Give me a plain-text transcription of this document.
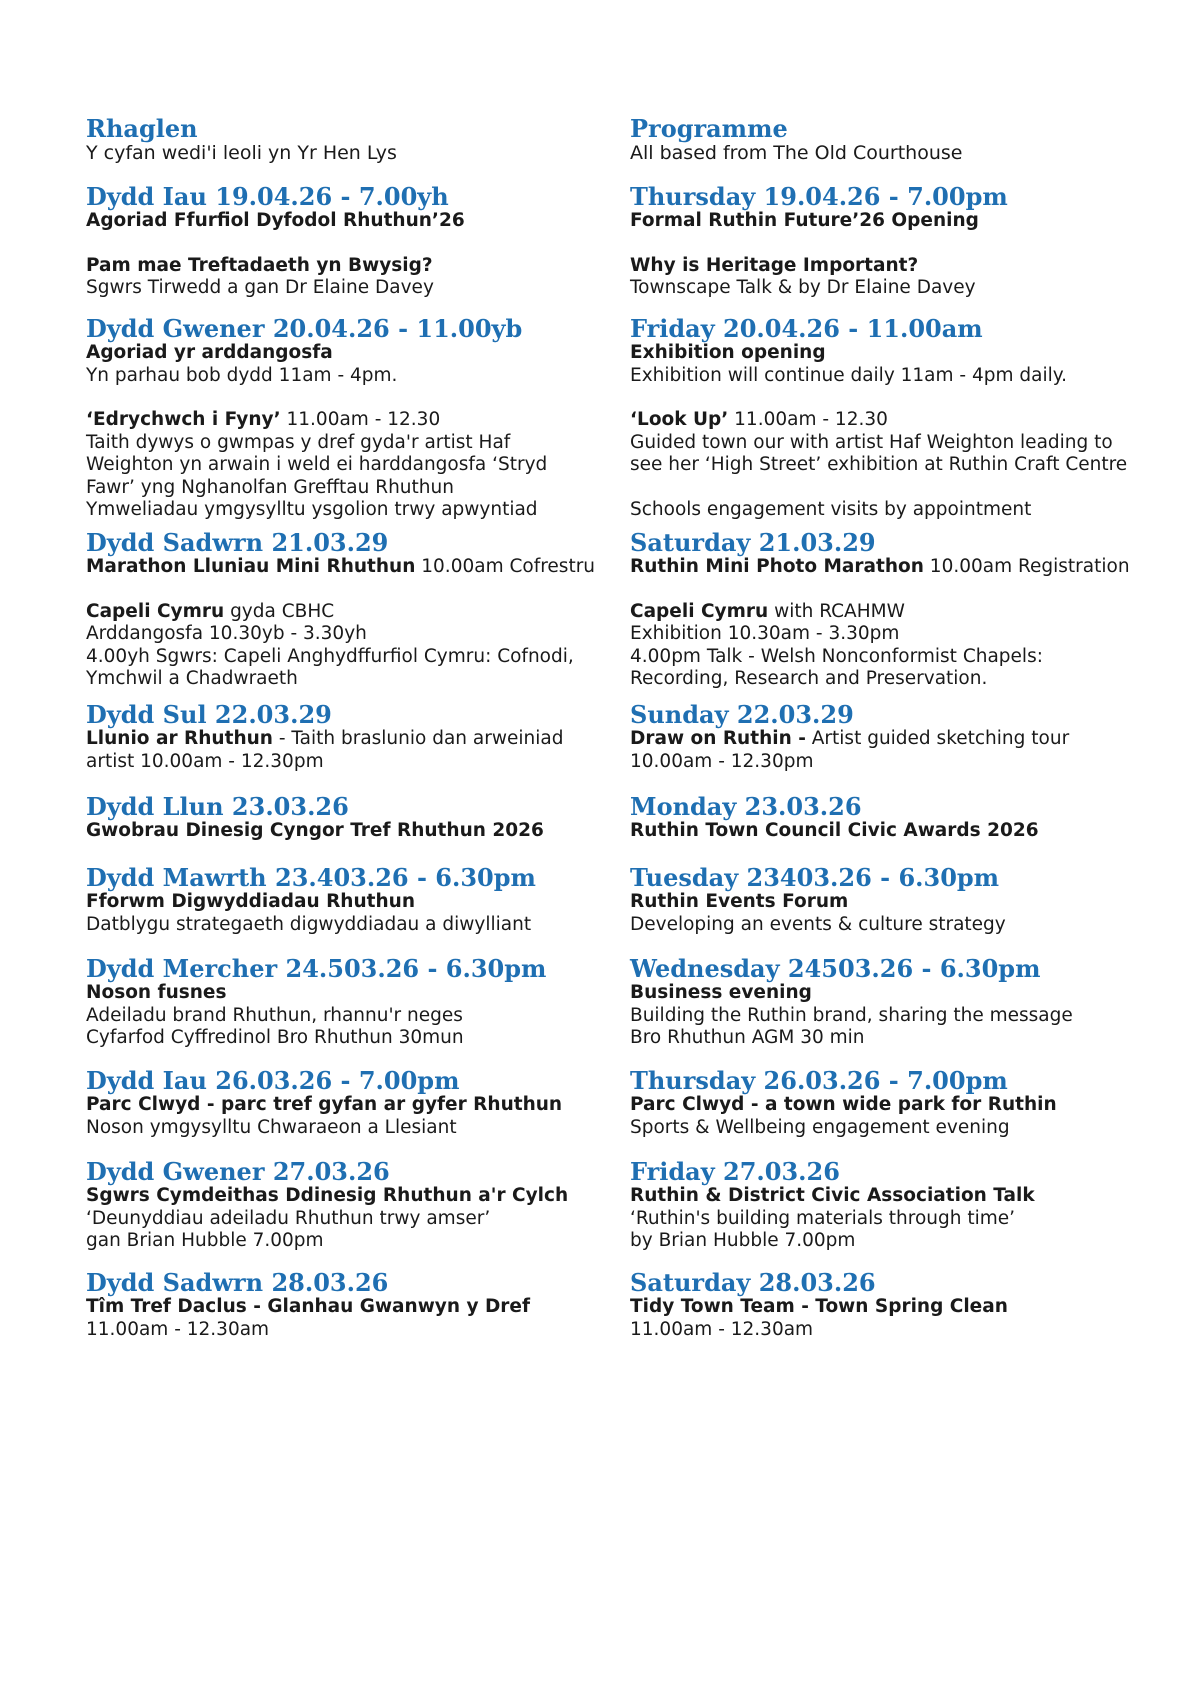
Rhaglen

Y cyfan wedi'i leoli yn Yr Hen Lys

Dydd Iau 19.04.26 - 7.00yh
Agoriad Ffurfiol Dyfodol Rhuthun’26
Pam mae Treftadaeth yn Bwysig?
Sgwrs Tirwedd a gan Dr Elaine Davey
Dydd Gwener 20.04.26 - 11.00yb
Agoriad yr arddangosfa
Yn parhau bob dydd 11am - 4pm.
‘Edrychwch i Fyny’ 11.00am - 12.30
Taith dywys o gwmpas y dref gyda'r artist Haf
Weighton yn arwain i weld ei harddangosfa ‘Stryd
Fawr’ yng Nghanolfan Grefftau Rhuthun
Ymweliadau ymgysylltu ysgolion trwy apwyntiad
Dydd Sadwrn 21.03.29
Marathon Lluniau Mini Rhuthun 10.00am Cofrestru
Capeli Cymru gyda CBHC
Arddangosfa 10.30yb - 3.30yh
4.00yh Sgwrs: Capeli Anghydffurfiol Cymru: Cofnodi,
Ymchwil a Chadwraeth
Dydd Sul 22.03.29
Llunio ar Rhuthun - Taith braslunio dan arweiniad
artist 10.00am - 12.30pm
Dydd Llun 23.03.26
Gwobrau Dinesig Cyngor Tref Rhuthun 2026
Dydd Mawrth 23.403.26 - 6.30pm
Fforwm Digwyddiadau Rhuthun
Datblygu strategaeth digwyddiadau a diwylliant
Dydd Mercher 24.503.26 - 6.30pm
Noson fusnes
Adeiladu brand Rhuthun, rhannu'r neges
Cyfarfod Cyffredinol Bro Rhuthun 30mun
Dydd Iau 26.03.26 - 7.00pm
Parc Clwyd - parc tref gyfan ar gyfer Rhuthun
Noson ymgysylltu Chwaraeon a Llesiant
Dydd Gwener 27.03.26
Sgwrs Cymdeithas Ddinesig Rhuthun a'r Cylch
‘Deunyddiau adeiladu Rhuthun trwy amser’
gan Brian Hubble 7.00pm
Dydd Sadwrn 28.03.26
Tîm Tref Daclus - Glanhau Gwanwyn y Dref
11.00am - 12.30am
Programme

All based from The Old Courthouse

Thursday 19.04.26 - 7.00pm
Formal Ruthin Future’26 Opening
Why is Heritage Important?
Townscape Talk & by Dr Elaine Davey
Friday 20.04.26 - 11.00am
Exhibition opening
Exhibition will continue daily 11am - 4pm daily.
‘Look Up’ 11.00am - 12.30
Guided town our with artist Haf Weighton leading to
see her ‘High Street’ exhibition at Ruthin Craft Centre
Schools engagement visits by appointment
Saturday 21.03.29
Ruthin Mini Photo Marathon 10.00am Registration
Capeli Cymru with RCAHMW
Exhibition 10.30am - 3.30pm
4.00pm Talk - Welsh Nonconformist Chapels:
Recording, Research and Preservation.
Sunday 22.03.29
Draw on Ruthin - Artist guided sketching tour
10.00am - 12.30pm
Monday 23.03.26
Ruthin Town Council Civic Awards 2026
Tuesday 23403.26 - 6.30pm
Ruthin Events Forum
Developing an events & culture strategy
Wednesday 24503.26 - 6.30pm
Business evening
Building the Ruthin brand, sharing the message
Bro Rhuthun AGM 30 min
Thursday 26.03.26 - 7.00pm
Parc Clwyd - a town wide park for Ruthin
Sports & Wellbeing engagement evening
Friday 27.03.26
Ruthin & District Civic Association Talk
‘Ruthin's building materials through time’
by Brian Hubble 7.00pm
Saturday 28.03.26
Tidy Town Team - Town Spring Clean
11.00am - 12.30am
